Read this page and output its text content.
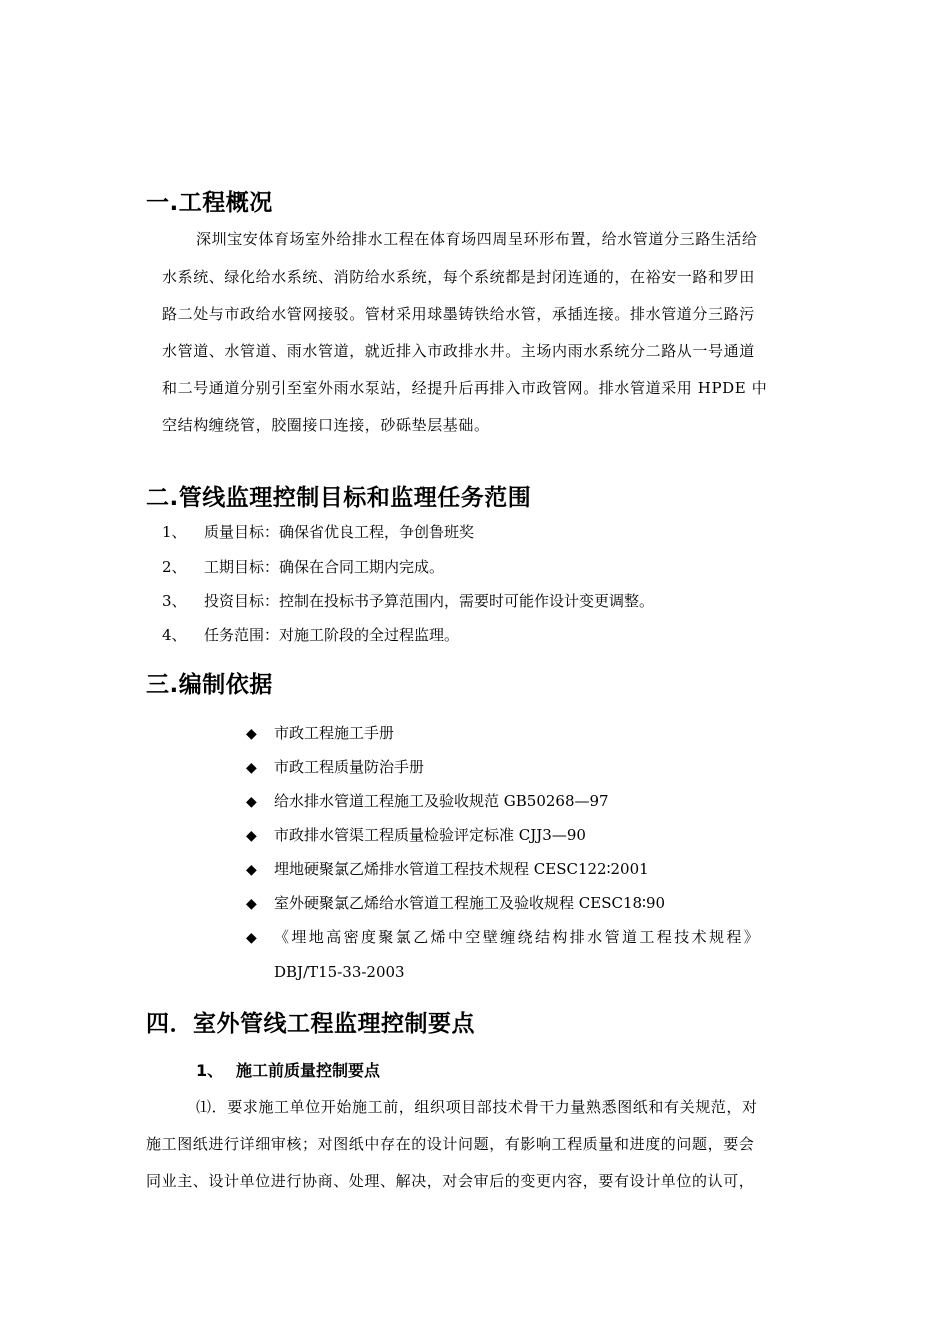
一.工程概况
深圳宝安体育场室外给排水工程在体育场四周呈环形布置，给水管道分三路生活给
水系统、绿化给水系统、消防给水系统，每个系统都是封闭连通的，在裕安一路和罗田
路二处与市政给水管网接驳。管材采用球墨铸铁给水管，承插连接。排水管道分三路污
水管道、水管道、雨水管道，就近排入市政排水井。主场内雨水系统分二路从一号通道
和二号通道分别引至室外雨水泵站，经提升后再排入市政管网。排水管道采用 HPDE 中
空结构缠绕管，胶圈接口连接，砂砾垫层基础。
二.管线监理控制目标和监理任务范围
1、 质量目标：确保省优良工程，争创鲁班奖
2、 工期目标：确保在合同工期内完成。
3、 投资目标：控制在投标书予算范围内，需要时可能作设计变更调整。
4、 任务范围：对施工阶段的全过程监理。
三.编制依据
◆ 市政工程施工手册
◆ 市政工程质量防治手册
◆ 给水排水管道工程施工及验收规范 GB50268—97
◆ 市政排水管渠工程质量检验评定标准 CJJ3—90
◆ 埋地硬聚氯乙烯排水管道工程技术规程 CESC122∶2001
◆ 室外硬聚氯乙烯给水管道工程施工及验收规程 CESC18∶90
◆ 《埋地高密度聚氯乙烯中空壁缠绕结构排水管道工程技术规程》
DBJ/T15-33-2003
四．室外管线工程监理控制要点
1、 施工前质量控制要点
⑴．要求施工单位开始施工前，组织项目部技术骨干力量熟悉图纸和有关规范，对
施工图纸进行详细审核；对图纸中存在的设计问题，有影响工程质量和进度的问题，要会
同业主、设计单位进行协商、处理、解决，对会审后的变更内容，要有设计单位的认可，
